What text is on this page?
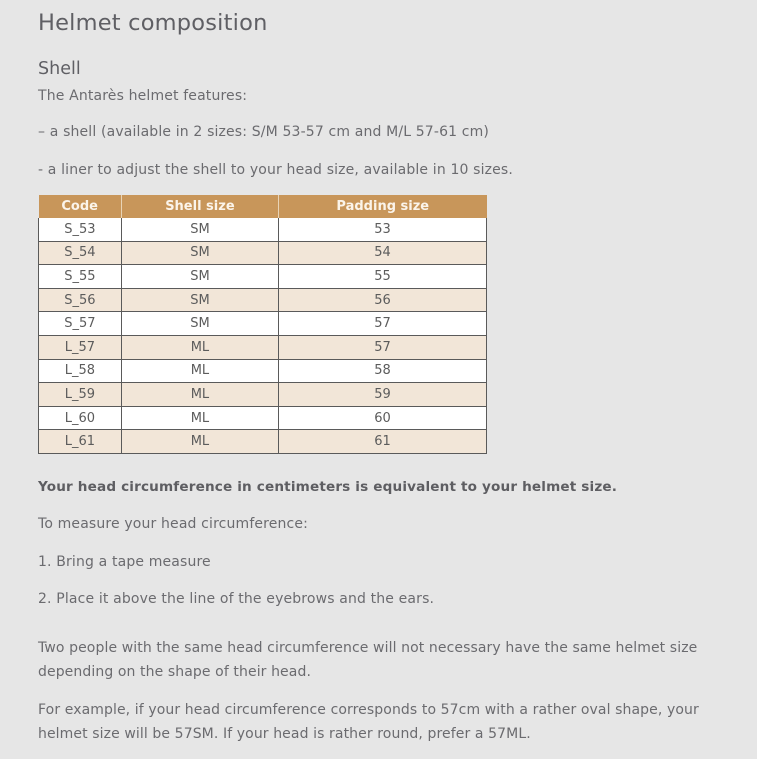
Helmet composition
Shell
The Antarès helmet features:
– a shell (available in 2 sizes: S/M 53-57 cm and M/L 57-61 cm)
- a liner to adjust the shell to your head size, available in 10 sizes.
Code	Shell size	Padding size
S_53	SM	53
S_54	SM	54
S_55	SM	55
S_56	SM	56
S_57	SM	57
L_57	ML	57
L_58	ML	58
L_59	ML	59
L_60	ML	60
L_61	ML	61
Your head circumference in centimeters is equivalent to your helmet size.
To measure your head circumference:
1. Bring a tape measure
2. Place it above the line of the eyebrows and the ears.
Two people with the same head circumference will not necessary have the same helmet size depending on the shape of their head.
For example, if your head circumference corresponds to 57cm with a rather oval shape, your helmet size will be 57SM. If your head is rather round, prefer a 57ML.
